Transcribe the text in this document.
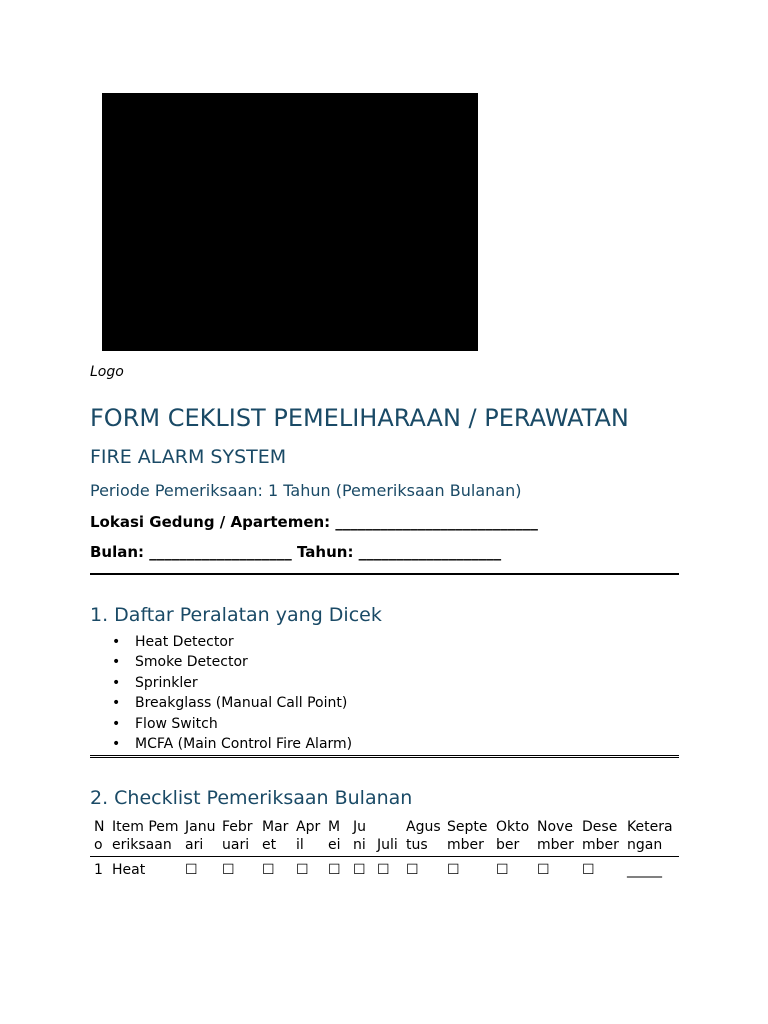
Logo
FORM CEKLIST PEMELIHARAAN / PERAWATAN
FIRE ALARM SYSTEM
Periode Pemeriksaan: 1 Tahun (Pemeriksaan Bulanan)
Lokasi Gedung / Apartemen: ___________________________
Bulan: ___________________ Tahun: ___________________
1. Daftar Peralatan yang Dicek
• Heat Detector
• Smoke Detector
• Sprinkler
• Breakglass (Manual Call Point)
• Flow Switch
• MCFA (Main Control Fire Alarm)
2. Checklist Pemeriksaan Bulanan
No	Item Pemeriksaan	Januari	Februari	Maret	April	Mei	Juni	Juli	Agustus	September	Oktober	November	Desember	Keterangan
1	Heat	☐	☐	☐	☐	☐	☐	☐	☐	☐	☐	☐	☐	_____
